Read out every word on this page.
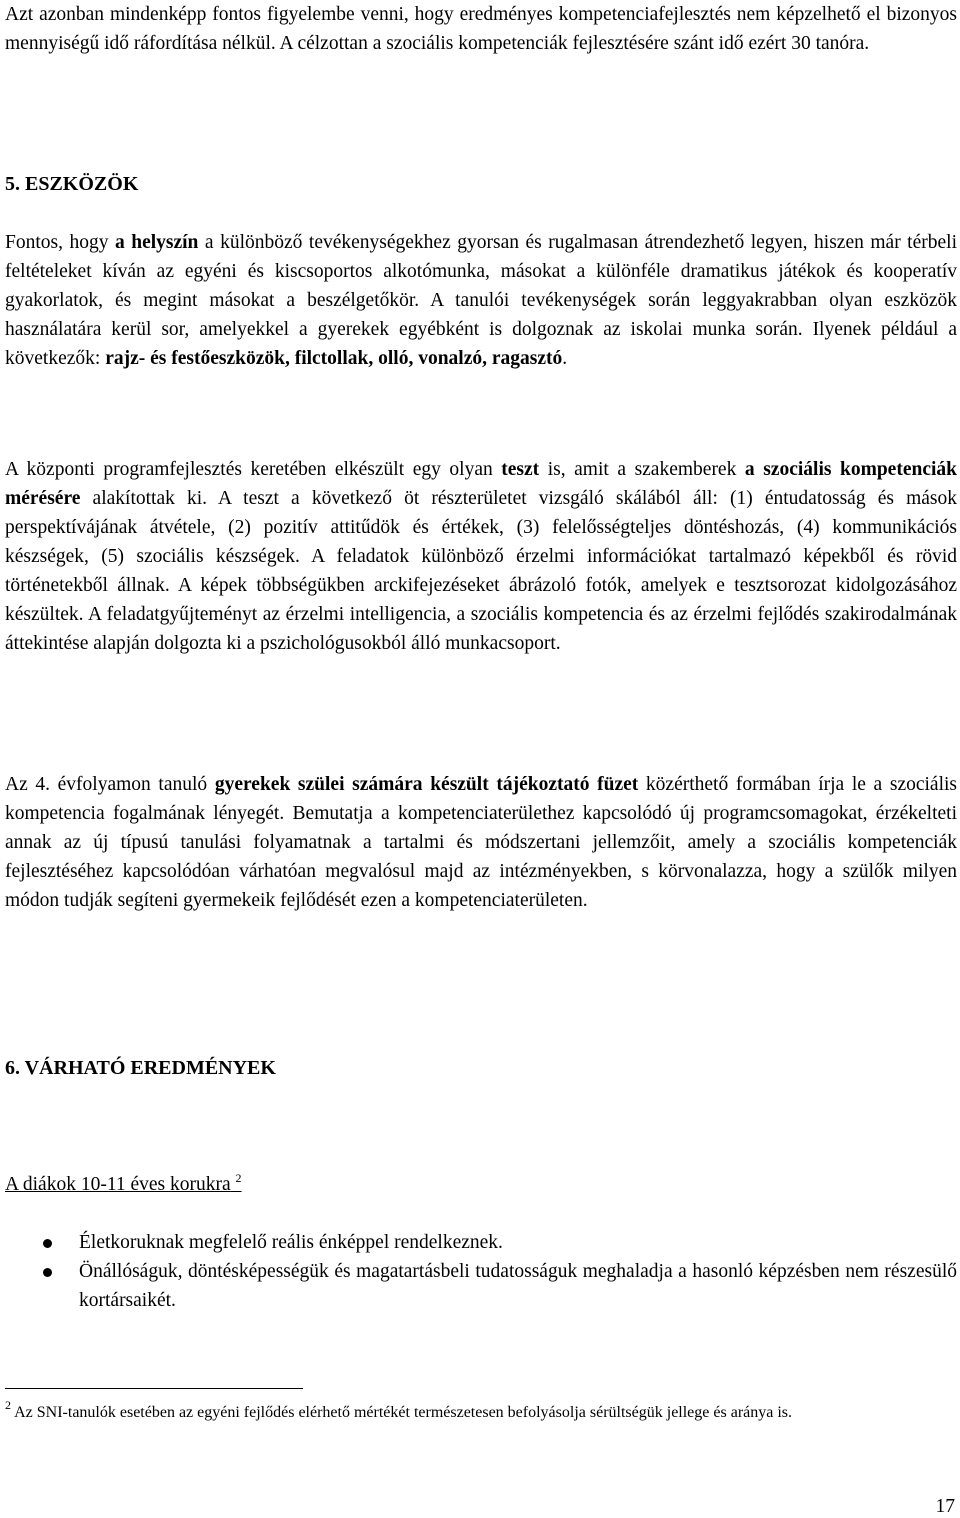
Azt azonban mindenképp fontos figyelembe venni, hogy eredményes kompetenciafejlesztés nem képzelhető el bizonyos mennyiségű idő ráfordítása nélkül. A célzottan a szociális kompetenciák fejlesztésére szánt idő ezért 30 tanóra.

5. ESZKÖZÖK

Fontos, hogy a helyszín a különböző tevékenységekhez gyorsan és rugalmasan átrendezhető legyen, hiszen már térbeli feltételeket kíván az egyéni és kiscsoportos alkotómunka, másokat a különféle dramatikus játékok és kooperatív gyakorlatok, és megint másokat a beszélgetőkör. A tanulói tevékenységek során leggyakrabban olyan eszközök használatára kerül sor, amelyekkel a gyerekek egyébként is dolgoznak az iskolai munka során. Ilyenek például a következők: rajz- és festőeszközök, filctollak, olló, vonalzó, ragasztó.

A központi programfejlesztés keretében elkészült egy olyan teszt is, amit a szakemberek a szociális kompetenciák mérésére alakítottak ki. A teszt a következő öt részterületet vizsgáló skálából áll: (1) éntudatosság és mások perspektívájának átvétele, (2) pozitív attitűdök és értékek, (3) felelősségteljes döntéshozás, (4) kommunikációs készségek, (5) szociális készségek. A feladatok különböző érzelmi információkat tartalmazó képekből és rövid történetekből állnak. A képek többségükben arckifejezéseket ábrázoló fotók, amelyek e tesztsorozat kidolgozásához készültek. A feladatgyűjteményt az érzelmi intelligencia, a szociális kompetencia és az érzelmi fejlődés szakirodalmának áttekintése alapján dolgozta ki a pszichológusokból álló munkacsoport.

Az 4. évfolyamon tanuló gyerekek szülei számára készült tájékoztató füzet közérthető formában írja le a szociális kompetencia fogalmának lényegét. Bemutatja a kompetenciaterülethez kapcsolódó új programcsomagokat, érzékelteti annak az új típusú tanulási folyamatnak a tartalmi és módszertani jellemzőit, amely a szociális kompetenciák fejlesztéséhez kapcsolódóan várhatóan megvalósul majd az intézményekben, s körvonalazza, hogy a szülők milyen módon tudják segíteni gyermekeik fejlődését ezen a kompetenciaterületen.

6. VÁRHATÓ EREDMÉNYEK

A diákok 10-11 éves korukra $^2$

Életkoruknak megfelelő reális énképpel rendelkeznek.
Önállóságuk, döntésképességük és magatartásbeli tudatosságuk meghaladja a hasonló képzésben nem részesülő kortársaikét.

$^2$ Az SNI-tanulók esetében az egyéni fejlődés elérhető mértékét természetesen befolyásolja sérültségük jellege és aránya is.

17
